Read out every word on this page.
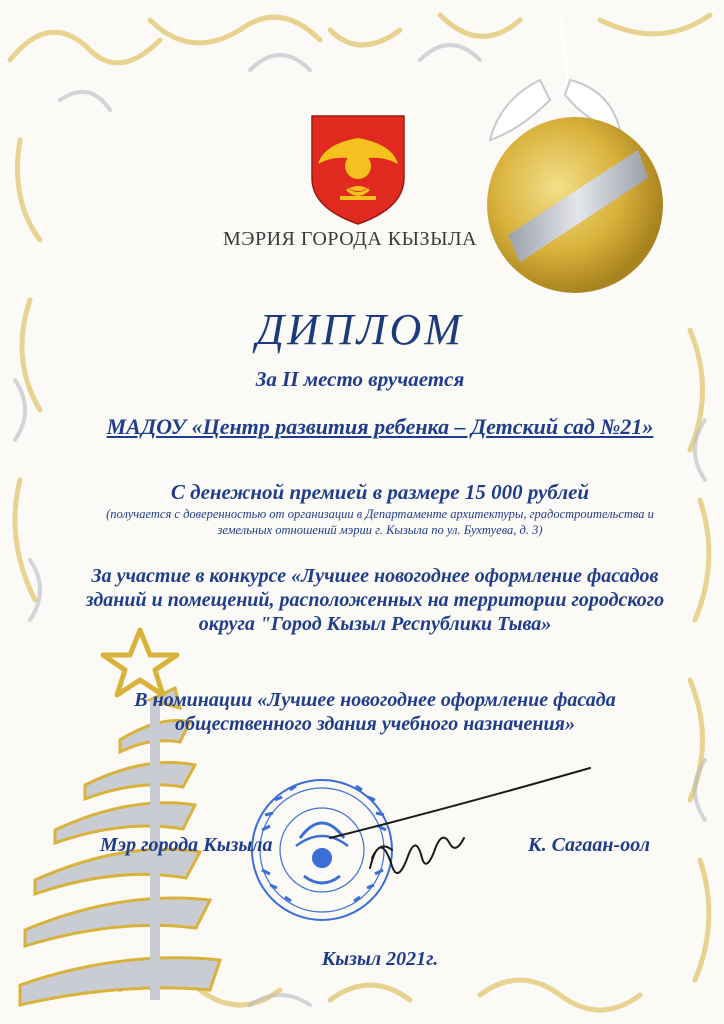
МЭРИЯ ГОРОДА КЫЗЫЛА

ДИПЛОМ

За II место вручается

МАДОУ «Центр развития ребенка – Детский сад №21»

С денежной премией в размере 15 000 рублей

(получается с доверенностью от организации в Департаменте архитектуры, градостроительства и земельных отношений мэрии г. Кызыла по ул. Бухтуева, д. 3)

За участие в конкурсе «Лучшее новогоднее оформление фасадов зданий и помещений, расположенных на территории городского округа "Город Кызыл Республики Тыва»

В номинации «Лучшее новогоднее оформление фасада общественного здания учебного назначения»

Мэр города Кызыла	К. Сагаан-оол

Кызыл 2021г.
